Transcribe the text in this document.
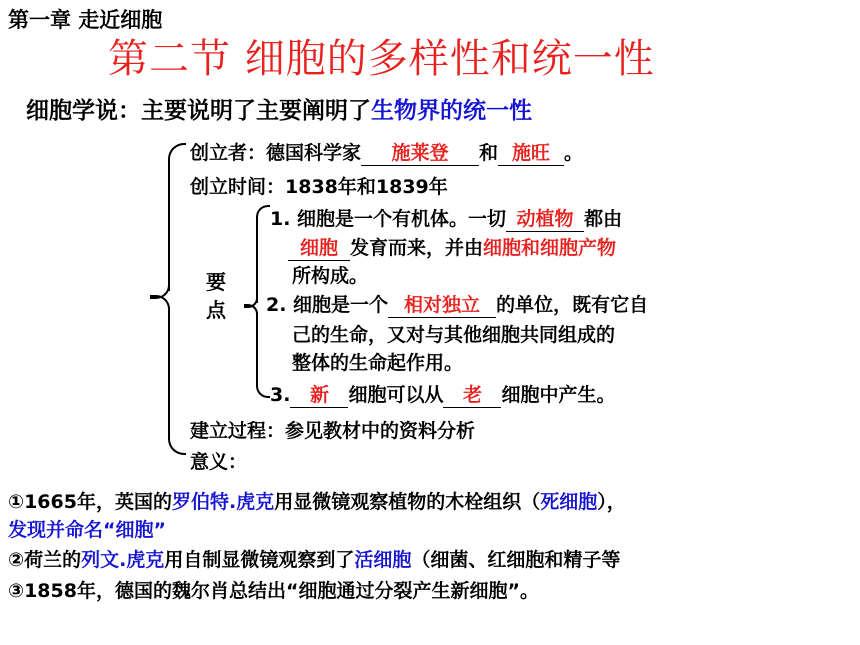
第一章 走近细胞
第二节 细胞的多样性和统一性
细胞学说：主要说明了主要阐明了生物界的统一性
创立者：德国科学家 施莱登 和 施旺 。
创立时间：1838年和1839年
要
点
1. 细胞是一个有机体。一切 动植物 都由
细胞 发育而来，并由细胞和细胞产物
所构成。
2. 细胞是一个 相对独立 的单位，既有它自
己的生命，又对与其他细胞共同组成的
整体的生命起作用。
3. 新 细胞可以从 老 细胞中产生。
建立过程：参见教材中的资料分析
意义：
①1665年，英国的罗伯特.虎克用显微镜观察植物的木栓组织（死细胞），
发现并命名“细胞”
②荷兰的列文.虎克用自制显微镜观察到了活细胞（细菌、红细胞和精子等
③1858年，德国的魏尔肖总结出“细胞通过分裂产生新细胞”。
